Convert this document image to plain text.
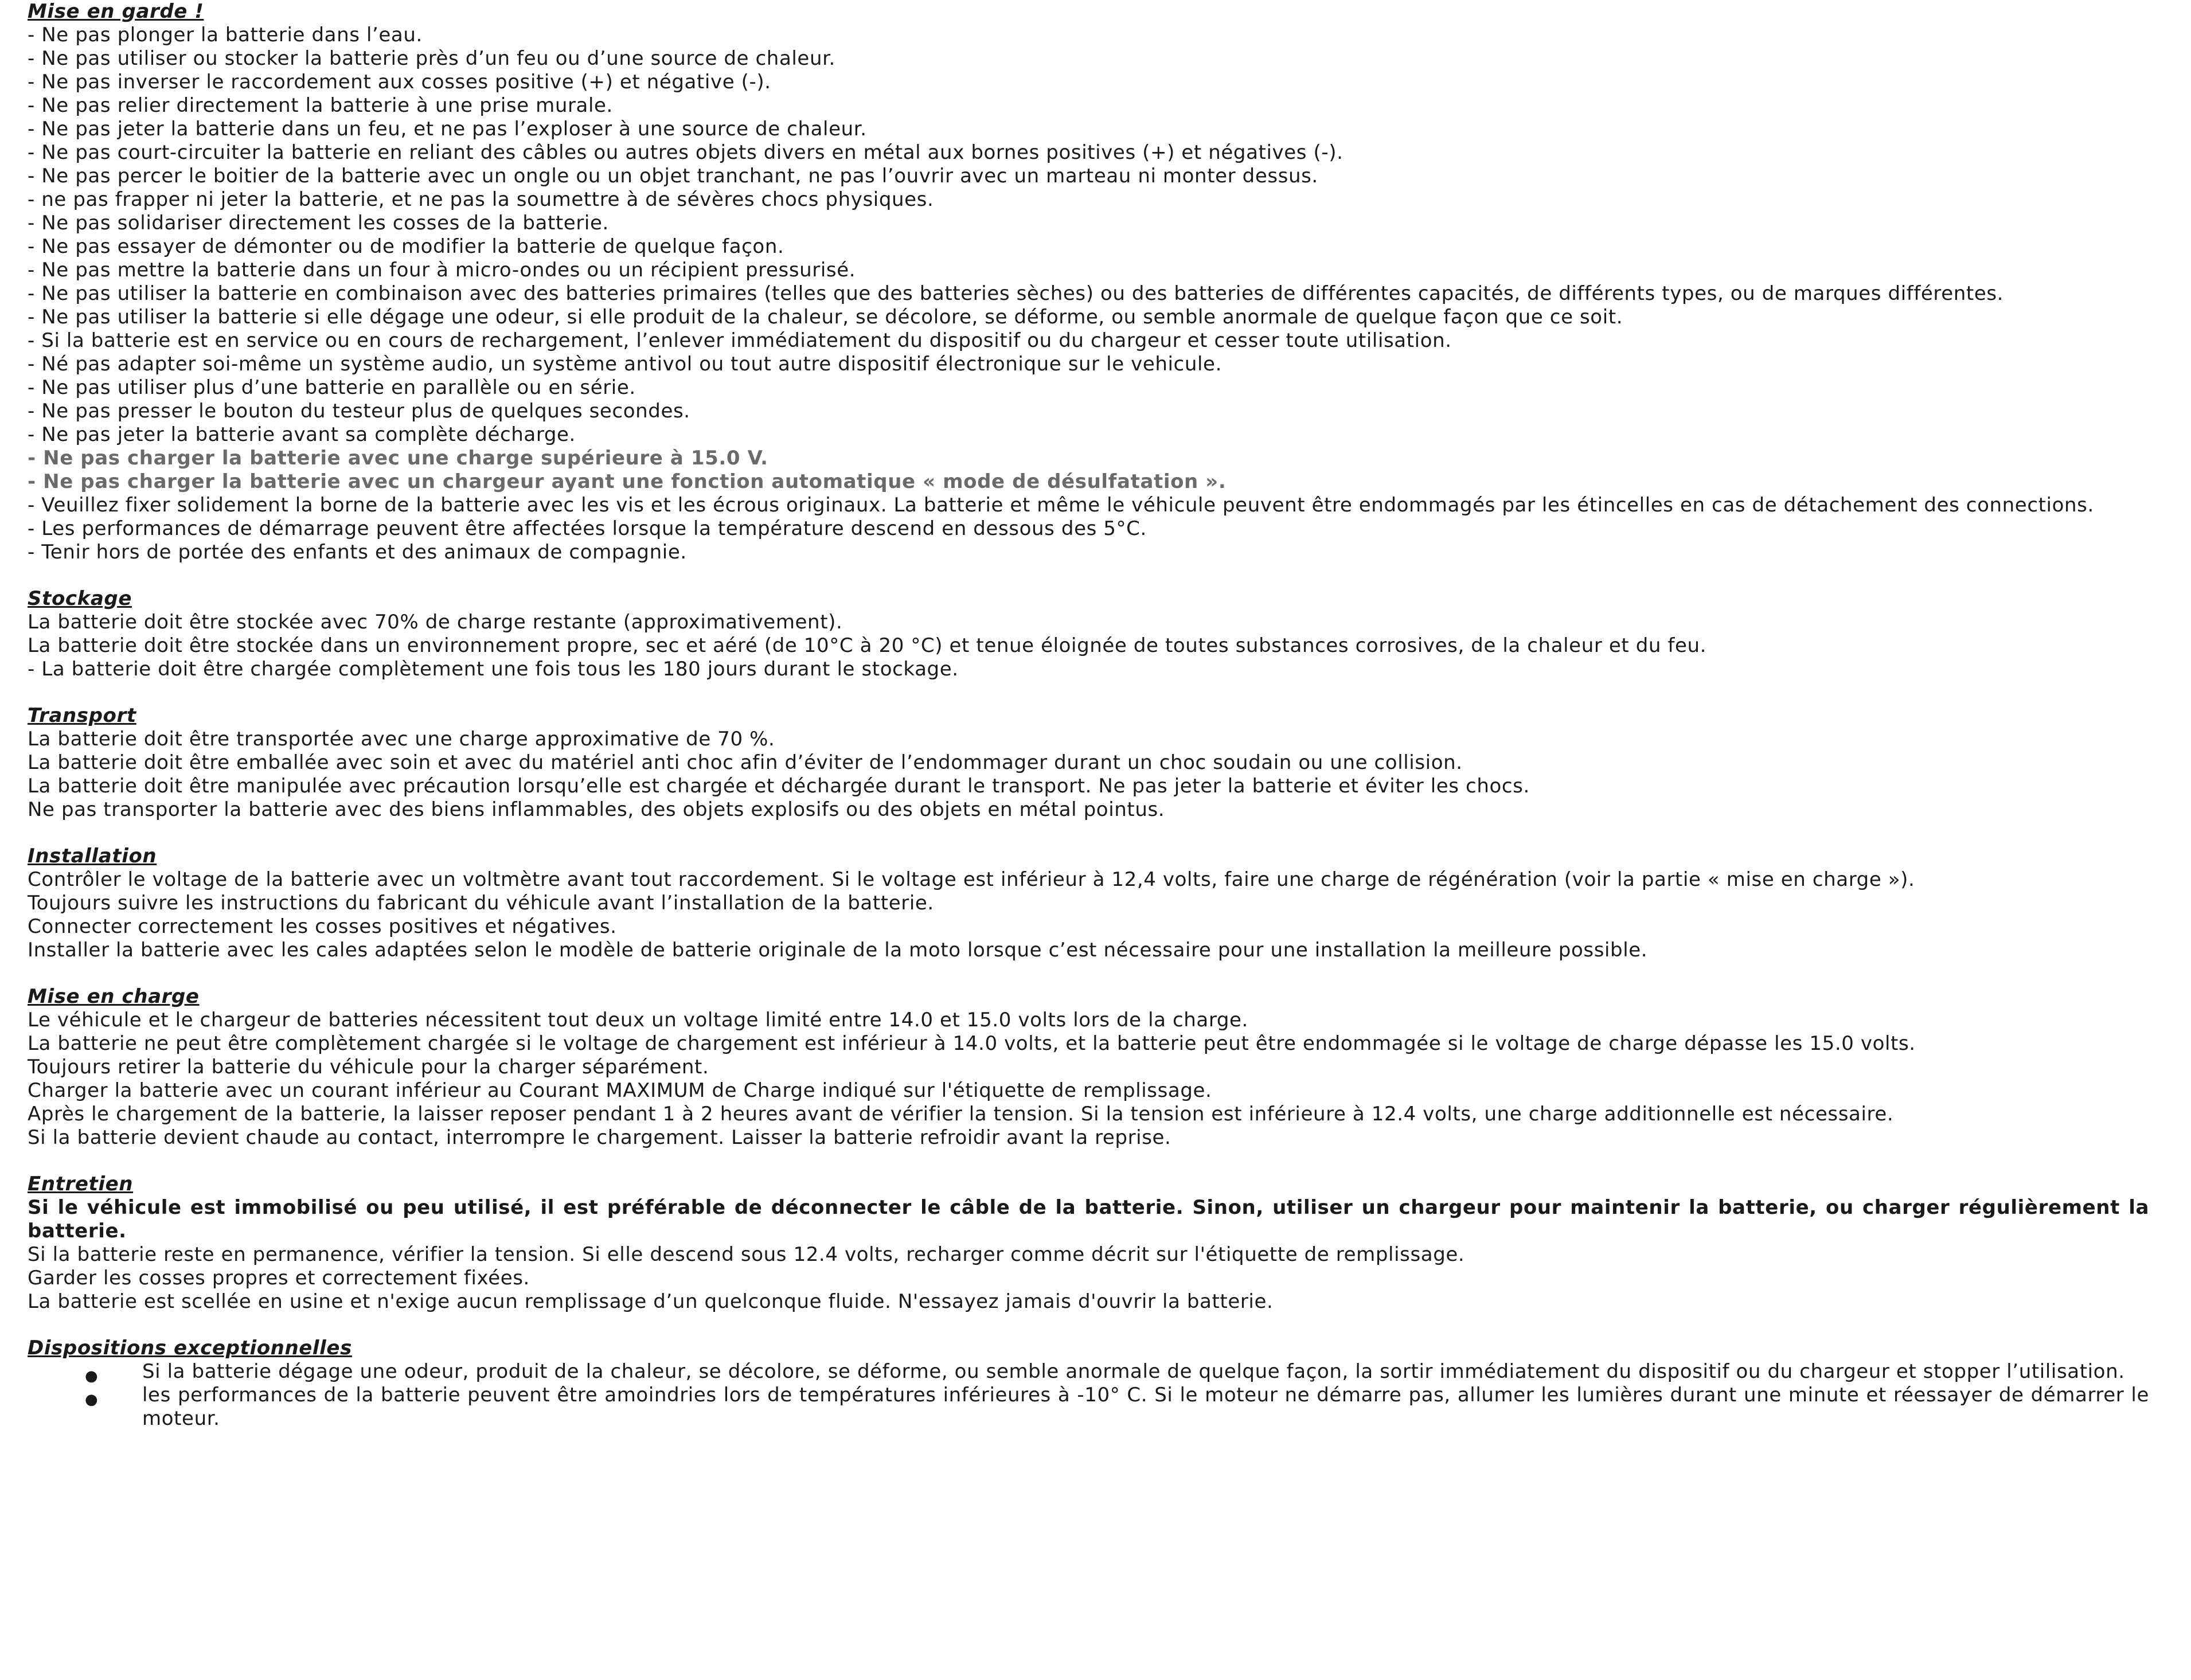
Mise en garde !

- Ne pas plonger la batterie dans l’eau.

- Ne pas utiliser ou stocker la batterie près d’un feu ou d’une source de chaleur.

- Ne pas inverser le raccordement aux cosses positive (+) et négative (-).

- Ne pas relier directement la batterie à une prise murale.

- Ne pas jeter la batterie dans un feu, et ne pas l’exploser à une source de chaleur.

- Ne pas court-circuiter la batterie en reliant des câbles ou autres objets divers en métal aux bornes positives (+) et négatives (-).

- Ne pas percer le boitier de la batterie avec un ongle ou un objet tranchant, ne pas l’ouvrir avec un marteau ni monter dessus.

- ne pas frapper ni jeter la batterie, et ne pas la soumettre à de sévères chocs physiques.

- Ne pas solidariser directement les cosses de la batterie.

- Ne pas essayer de démonter ou de modifier la batterie de quelque façon.

- Ne pas mettre la batterie dans un four à micro-ondes ou un récipient pressurisé.

- Ne pas utiliser la batterie en combinaison avec des batteries primaires (telles que des batteries sèches) ou des batteries de différentes capacités, de différents types, ou de marques différentes.

- Ne pas utiliser la batterie si elle dégage une odeur, si elle produit de la chaleur, se décolore, se déforme, ou semble anormale de quelque façon que ce soit.

- Si la batterie est en service ou en cours de rechargement, l’enlever immédiatement du dispositif ou du chargeur et cesser toute utilisation.

- Nе́ pas adapter soi-même un système audio, un système antivol ou tout autre dispositif électronique sur le vehicule.

- Ne pas utiliser plus d’une batterie en parallèle ou en série.

- Ne pas presser le bouton du testeur plus de quelques secondes.

- Ne pas jeter la batterie avant sa complète décharge.

- Ne pas charger la batterie avec une charge supérieure à 15.0 V.

- Ne pas charger la batterie avec un chargeur ayant une fonction automatique « mode de désulfatation ».

- Veuillez fixer solidement la borne de la batterie avec les vis et les écrous originaux. La batterie et même le véhicule peuvent être endommagés par les étincelles en cas de détachement des connections.

- Les performances de démarrage peuvent être affectées lorsque la température descend en dessous des 5°C.

- Tenir hors de portée des enfants et des animaux de compagnie.

Stockage

La batterie doit être stockée avec 70% de charge restante (approximativement).

La batterie doit être stockée dans un environnement propre, sec et aéré (de 10°C à 20 °C) et tenue éloignée de toutes substances corrosives, de la chaleur et du feu.

- La batterie doit être chargée complètement une fois tous les 180 jours durant le stockage.

Transport

La batterie doit être transportée avec une charge approximative de 70 %.

La batterie doit être emballée avec soin et avec du matériel anti choc afin d’éviter de l’endommager durant un choc soudain ou une collision.

La batterie doit être manipulée avec précaution lorsqu’elle est chargée et déchargée durant le transport. Ne pas jeter la batterie et éviter les chocs.

Ne pas transporter la batterie avec des biens inflammables, des objets explosifs ou des objets en métal pointus.

Installation

Contrôler le voltage de la batterie avec un voltmètre avant tout raccordement. Si le voltage est inférieur à 12,4 volts, faire une charge de régénération (voir la partie « mise en charge »).

Toujours suivre les instructions du fabricant du véhicule avant l’installation de la batterie.

Connecter correctement les cosses positives et négatives.

Installer la batterie avec les cales adaptées selon le modèle de batterie originale de la moto lorsque c’est nécessaire pour une installation la meilleure possible.

Mise en charge

Le véhicule et le chargeur de batteries nécessitent tout deux un voltage limité entre 14.0 et 15.0 volts lors de la charge.

La batterie ne peut être complètement chargée si le voltage de chargement est inférieur à 14.0 volts, et la batterie peut être endommagée si le voltage de charge dépasse les 15.0 volts.

Toujours retirer la batterie du véhicule pour la charger séparément.

Charger la batterie avec un courant inférieur au Courant MAXIMUM de Charge indiqué sur l'étiquette de remplissage.

Après le chargement de la batterie, la laisser reposer pendant 1 à 2 heures avant de vérifier la tension. Si la tension est inférieure à 12.4 volts, une charge additionnelle est nécessaire.

Si la batterie devient chaude au contact, interrompre le chargement. Laisser la batterie refroidir avant la reprise.

Entretien

Si le véhicule est immobilisé ou peu utilisé, il est préférable de déconnecter le câble de la batterie. Sinon, utiliser un chargeur pour maintenir la batterie, ou charger régulièrement la batterie.

Si la batterie reste en permanence, vérifier la tension. Si elle descend sous 12.4 volts, recharger comme décrit sur l'étiquette de remplissage.

Garder les cosses propres et correctement fixées.

La batterie est scellée en usine et n'exige aucun remplissage d’un quelconque fluide. N'essayez jamais d'ouvrir la batterie.

Dispositions exceptionnelles

● Si la batterie dégage une odeur, produit de la chaleur, se décolore, se déforme, ou semble anormale de quelque façon, la sortir immédiatement du dispositif ou du chargeur et stopper l’utilisation.
● les performances de la batterie peuvent être amoindries lors de températures inférieures à -10° C. Si le moteur ne démarre pas, allumer les lumières durant une minute et réessayer de démarrer le moteur.
